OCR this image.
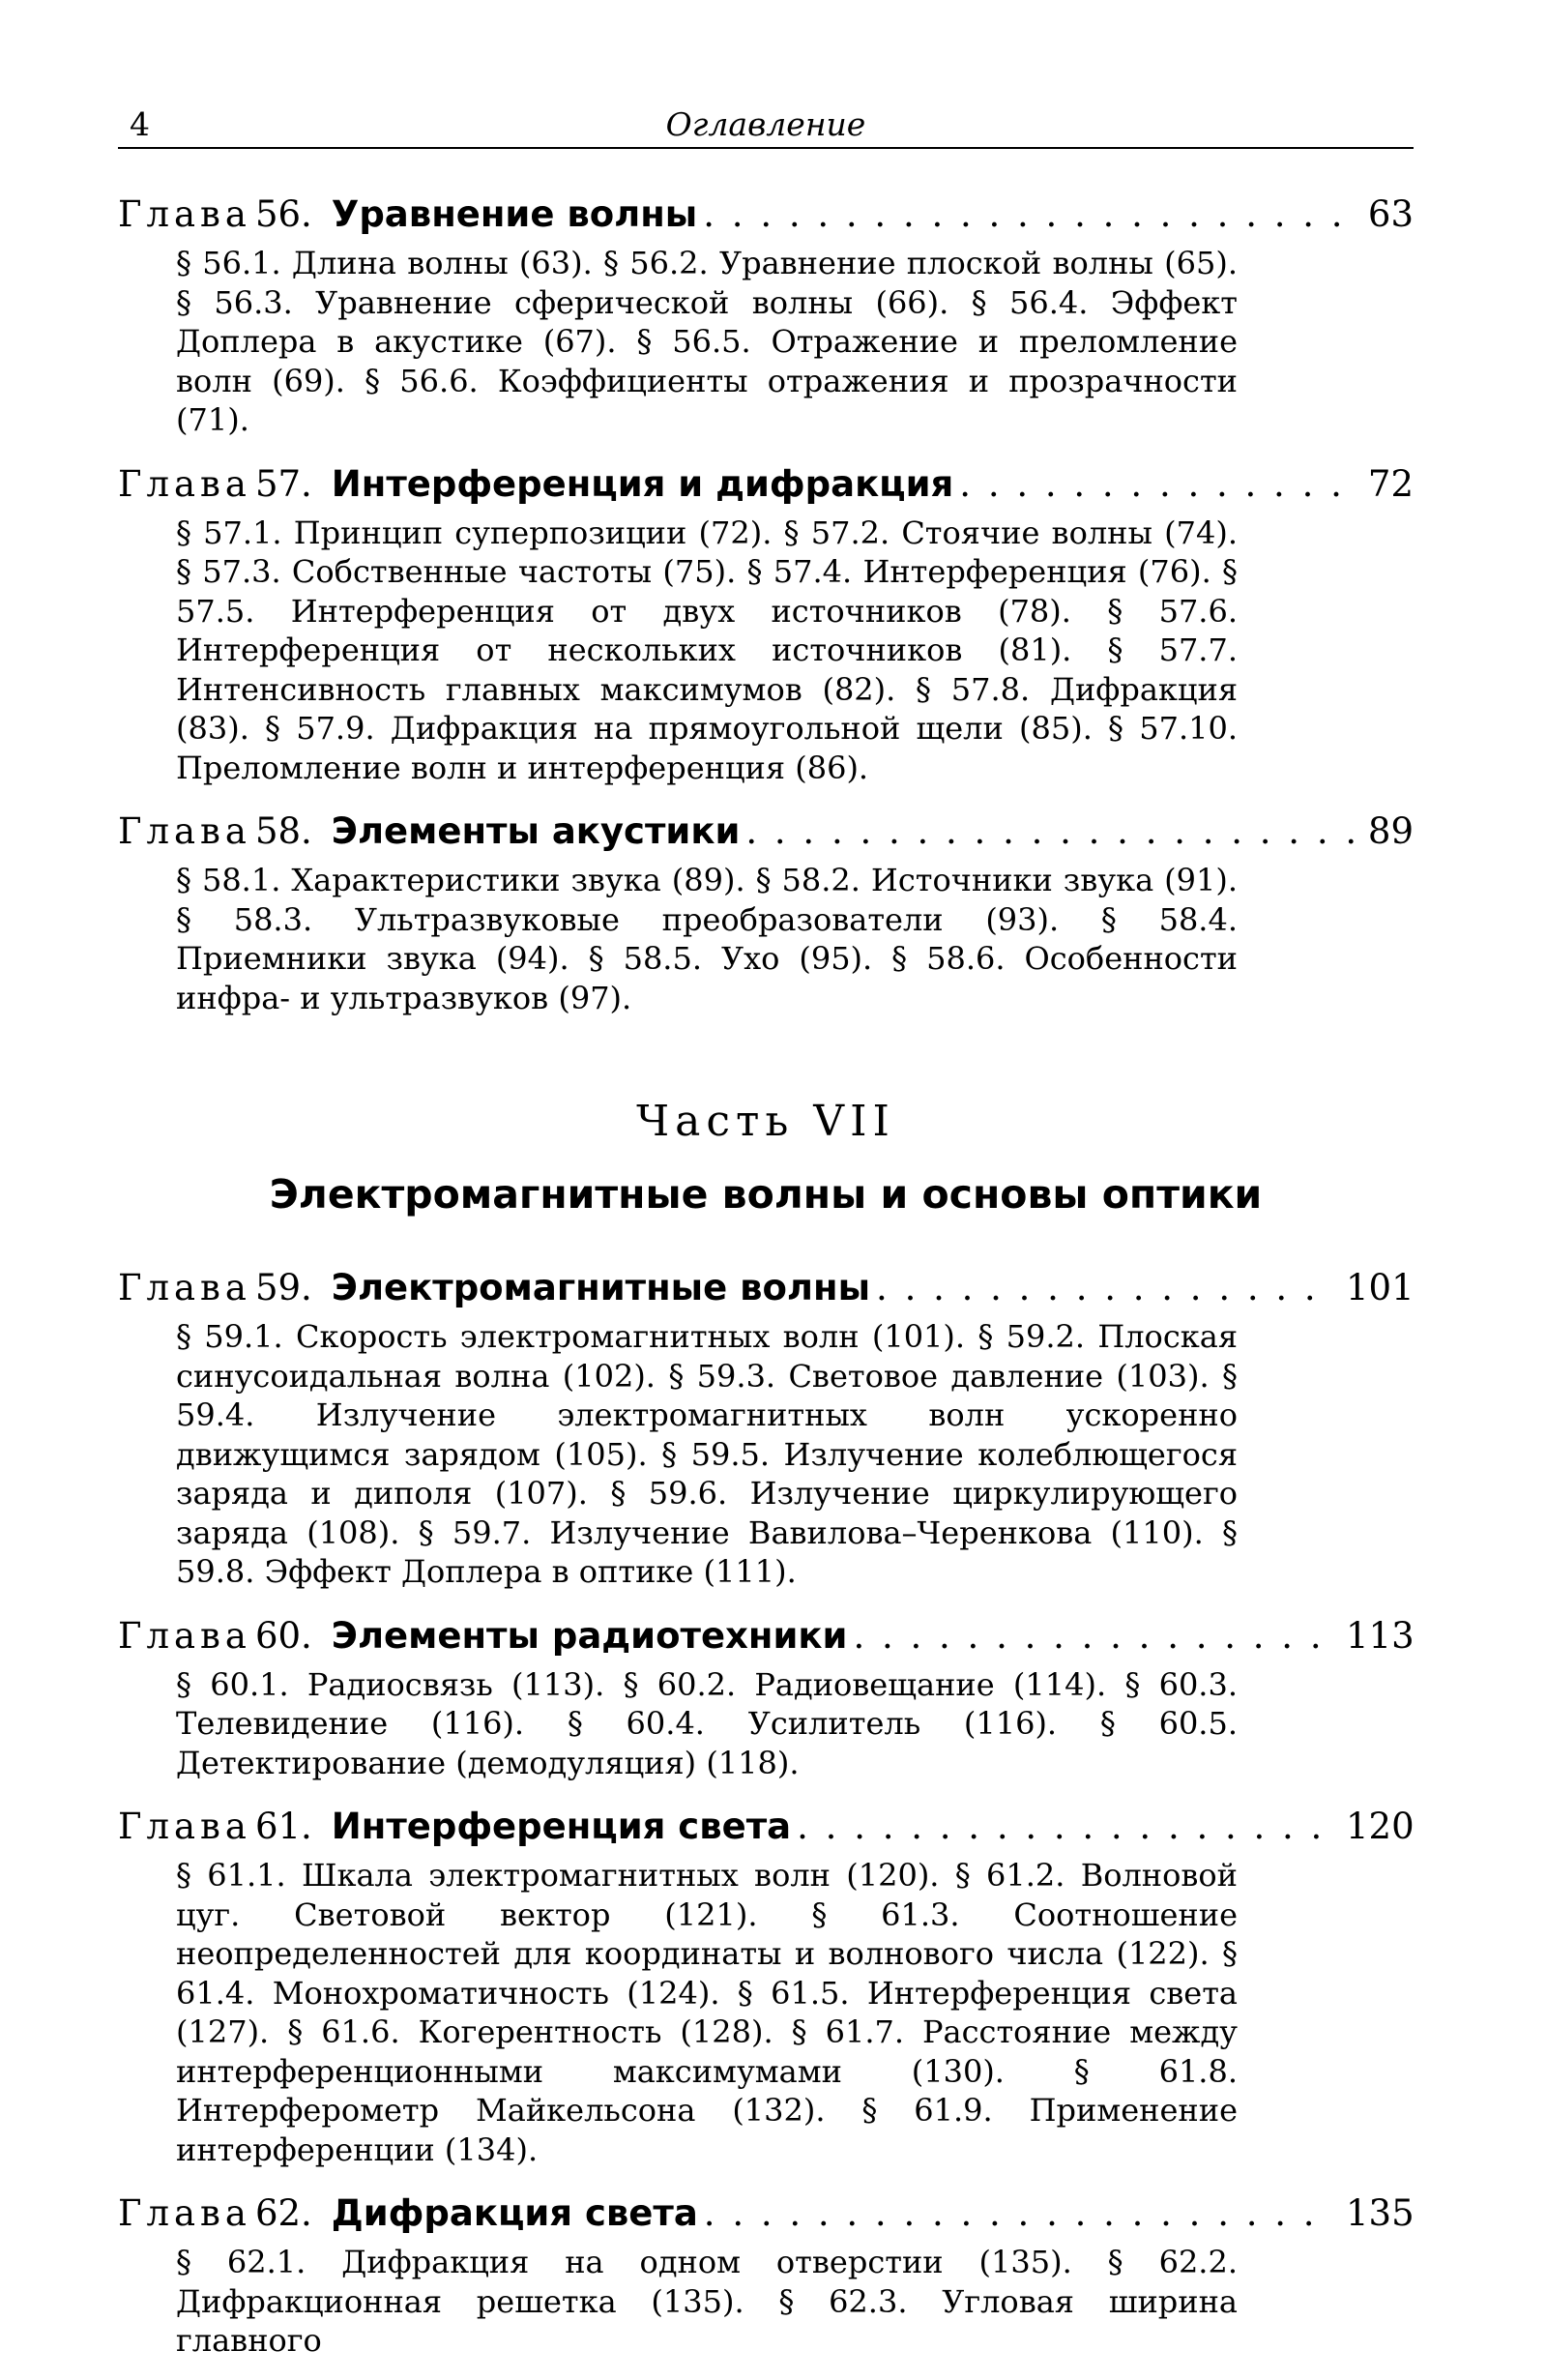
4	Оглавление
Глава 56. Уравнение волны . . .	63
§ 56.1. Длина волны (63). § 56.2. Уравнение плоской волны (65). § 56.3. Уравнение сферической волны (66). § 56.4. Эффект Доплера в акустике (67). § 56.5. Отражение и преломление волн (69). § 56.6. Коэффициенты отражения и прозрачности (71).
Глава 57. Интерференция и дифракция . . .	72
§ 57.1. Принцип суперпозиции (72). § 57.2. Стоячие волны (74). § 57.3. Собственные частоты (75). § 57.4. Интерференция (76). § 57.5. Интерференция от двух источников (78). § 57.6. Интерференция от нескольких источников (81). § 57.7. Интенсивность главных максимумов (82). § 57.8. Дифракция (83). § 57.9. Дифракция на прямоугольной щели (85). § 57.10. Преломление волн и интерференция (86).
Глава 58. Элементы акустики . . .	89
§ 58.1. Характеристики звука (89). § 58.2. Источники звука (91). § 58.3. Ультразвуковые преобразователи (93). § 58.4. Приемники звука (94). § 58.5. Ухо (95). § 58.6. Особенности инфра- и ультразвуков (97).
Часть VII
Электромагнитные волны и основы оптики
Глава 59. Электромагнитные волны . . .	101
§ 59.1. Скорость электромагнитных волн (101). § 59.2. Плоская синусоидальная волна (102). § 59.3. Световое давление (103). § 59.4. Излучение электромагнитных волн ускоренно движущимся зарядом (105). § 59.5. Излучение колеблющегося заряда и диполя (107). § 59.6. Излучение циркулирующего заряда (108). § 59.7. Излучение Вавилова–Черенкова (110). § 59.8. Эффект Доплера в оптике (111).
Глава 60. Элементы радиотехники . . .	113
§ 60.1. Радиосвязь (113). § 60.2. Радиовещание (114). § 60.3. Телевидение (116). § 60.4. Усилитель (116). § 60.5. Детектирование (демодуляция) (118).
Глава 61. Интерференция света . . .	120
§ 61.1. Шкала электромагнитных волн (120). § 61.2. Волновой цуг. Световой вектор (121). § 61.3. Соотношение неопределенностей для координаты и волнового числа (122). § 61.4. Монохроматичность (124). § 61.5. Интерференция света (127). § 61.6. Когерентность (128). § 61.7. Расстояние между интерференционными максимумами (130). § 61.8. Интерферометр Майкельсона (132). § 61.9. Применение интерференции (134).
Глава 62. Дифракция света . . .	135
§ 62.1. Дифракция на одном отверстии (135). § 62.2. Дифракционная решетка (135). § 62.3. Угловая ширина главного
